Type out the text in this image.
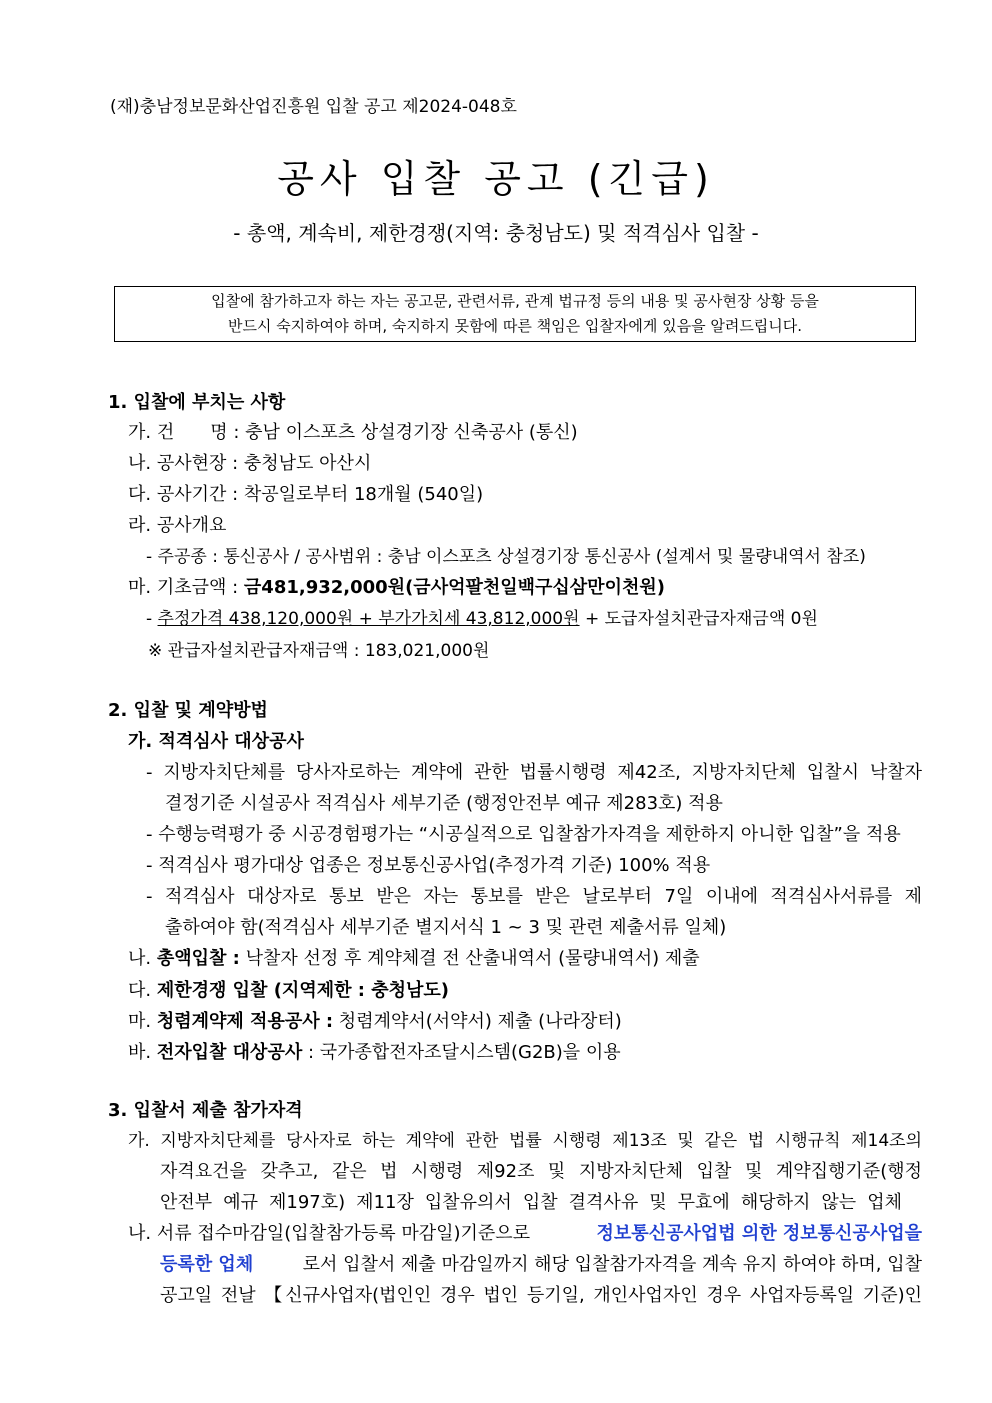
(재)충남정보문화산업진흥원 입찰 공고 제2024-048호
공사 입찰 공고 (긴급)
- 총액, 계속비, 제한경쟁(지역: 충청남도) 및 적격심사 입찰 -
입찰에 참가하고자 하는 자는 공고문, 관련서류, 관계 법규정 등의 내용 및 공사현장 상황 등을
반드시 숙지하여야 하며, 숙지하지 못함에 따른 책임은 입찰자에게 있음을 알려드립니다.
1. 입찰에 부치는 사항
가. 건　　명 : 충남 이스포츠 상설경기장 신축공사 (통신)
나. 공사현장 : 충청남도 아산시
다. 공사기간 : 착공일로부터 18개월 (540일)
라. 공사개요
- 주공종 : 통신공사 / 공사범위 : 충남 이스포츠 상설경기장 통신공사 (설계서 및 물량내역서 참조)
마. 기초금액 : 금481,932,000원(금사억팔천일백구십삼만이천원)
- 추정가격 438,120,000원 + 부가가치세 43,812,000원 + 도급자설치관급자재금액 0원
※ 관급자설치관급자재금액 : 183,021,000원
2. 입찰 및 계약방법
가. 적격심사 대상공사
- 지방자치단체를 당사자로하는 계약에 관한 법률시행령 제42조, 지방자치단체 입찰시 낙찰자
결정기준 시설공사 적격심사 세부기준 (행정안전부 예규 제283호) 적용
- 수행능력평가 중 시공경험평가는 “시공실적으로 입찰참가자격을 제한하지 아니한 입찰”을 적용
- 적격심사 평가대상 업종은 정보통신공사업(추정가격 기준) 100% 적용
- 적격심사 대상자로 통보 받은 자는 통보를 받은 날로부터 7일 이내에 적격심사서류를 제
출하여야 함(적격심사 세부기준 별지서식 1 ~ 3 및 관련 제출서류 일체)
나. 총액입찰 : 낙찰자 선정 후 계약체결 전 산출내역서 (물량내역서) 제출
다. 제한경쟁 입찰 (지역제한 : 충청남도)
마. 청렴계약제 적용공사 : 청렴계약서(서약서) 제출 (나라장터)
바. 전자입찰 대상공사 : 국가종합전자조달시스템(G2B)을 이용
3. 입찰서 제출 참가자격
가. 지방자치단체를 당사자로 하는 계약에 관한 법률 시행령 제13조 및 같은 법 시행규칙 제14조의
자격요건을 갖추고, 같은 법 시행령 제92조 및 지방자치단체 입찰 및 계약집행기준(행정
안전부 예규 제197호) 제11장 입찰유의서 입찰 결격사유 및 무효에 해당하지 않는 업체
나. 서류 접수마감일(입찰참가등록 마감일)기준으로	정보통신공사업법 의한 정보통신공사업을
등록한 업체	로서 입찰서 제출 마감일까지 해당 입찰참가자격을 계속 유지 하여야 하며, 입찰
공고일 전날 【신규사업자(법인인 경우 법인 등기일, 개인사업자인 경우 사업자등록일 기준)인
